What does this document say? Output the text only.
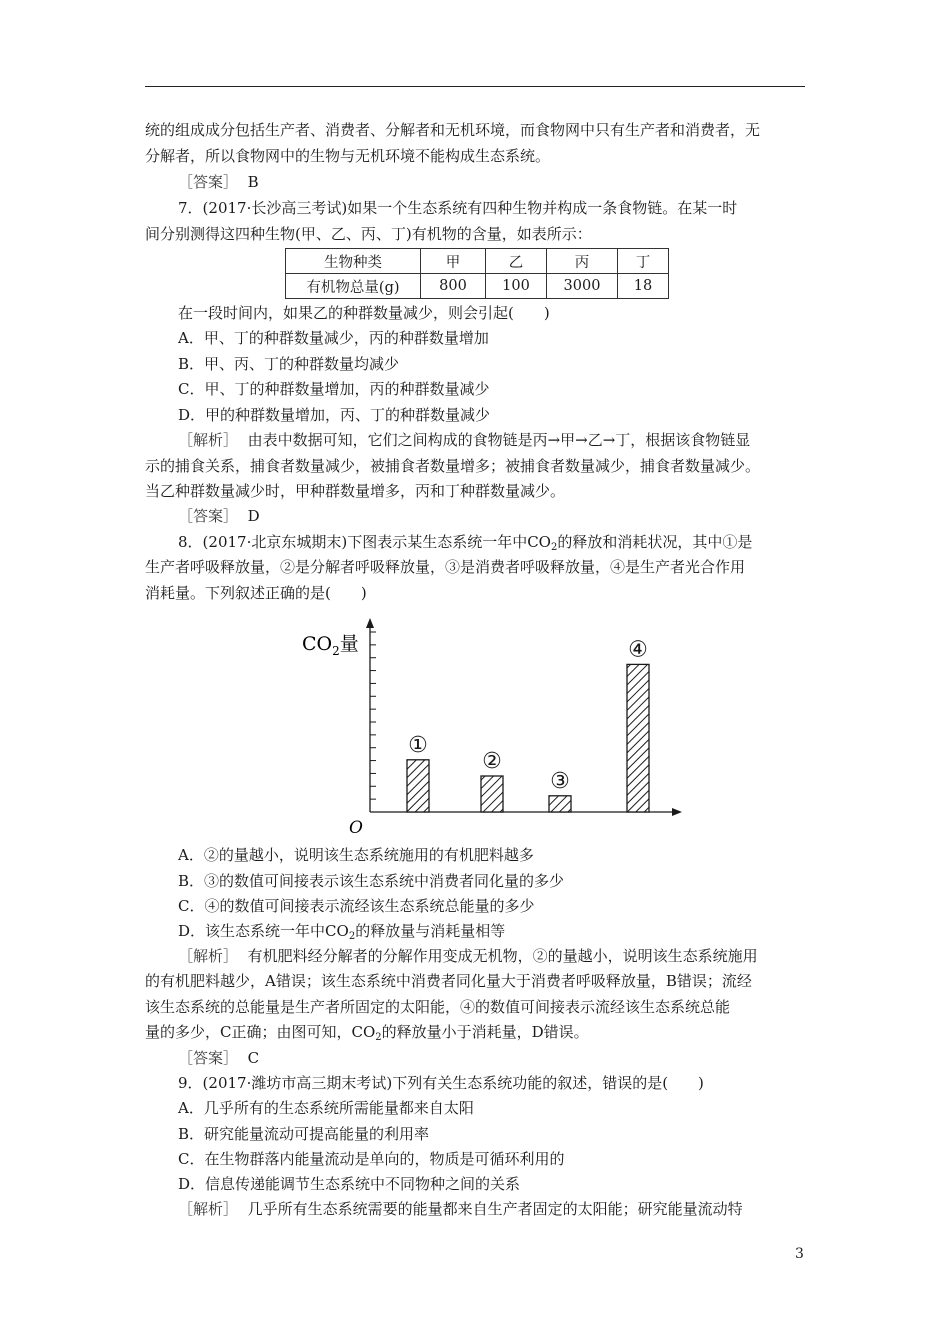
统的组成成分包括生产者、消费者、分解者和无机环境，而食物网中只有生产者和消费者，无
分解者，所以食物网中的生物与无机环境不能构成生态系统。
［答案］ B
7．(2017·长沙高三考试)如果一个生态系统有四种生物并构成一条食物链。在某一时
间分别测得这四种生物(甲、乙、丙、丁)有机物的含量，如表所示：
生物种类	甲	乙	丙	丁
有机物总量(g)	800	100	3000	18
在一段时间内，如果乙的种群数量减少，则会引起(　　)
A．甲、丁的种群数量减少，丙的种群数量增加
B．甲、丙、丁的种群数量均减少
C．甲、丁的种群数量增加，丙的种群数量减少
D．甲的种群数量增加，丙、丁的种群数量减少
［解析］ 由表中数据可知，它们之间构成的食物链是丙→甲→乙→丁，根据该食物链显
示的捕食关系，捕食者数量减少，被捕食者数量增多；被捕食者数量减少，捕食者数量减少。
当乙种群数量减少时，甲种群数量增多，丙和丁种群数量减少。
［答案］ D
8．(2017·北京东城期末)下图表示某生态系统一年中$CO_2$的释放和消耗状况，其中①是
生产者呼吸释放量，②是分解者呼吸释放量，③是消费者呼吸释放量，④是生产者光合作用
消耗量。下列叙述正确的是(　　)
$CO_2$量
O
①
②
③
④
A．②的量越小，说明该生态系统施用的有机肥料越多
B．③的数值可间接表示该生态系统中消费者同化量的多少
C．④的数值可间接表示流经该生态系统总能量的多少
D．该生态系统一年中$CO_2$的释放量与消耗量相等
［解析］ 有机肥料经分解者的分解作用变成无机物，②的量越小，说明该生态系统施用
的有机肥料越少，A错误；该生态系统中消费者同化量大于消费者呼吸释放量，B错误；流经
该生态系统的总能量是生产者所固定的太阳能，④的数值可间接表示流经该生态系统总能
量的多少，C正确；由图可知，$CO_2$的释放量小于消耗量，D错误。
［答案］ C
9．(2017·潍坊市高三期末考试)下列有关生态系统功能的叙述，错误的是(　　)
A．几乎所有的生态系统所需能量都来自太阳
B．研究能量流动可提高能量的利用率
C．在生物群落内能量流动是单向的，物质是可循环利用的
D．信息传递能调节生态系统中不同物种之间的关系
［解析］ 几乎所有生态系统需要的能量都来自生产者固定的太阳能；研究能量流动特
3
